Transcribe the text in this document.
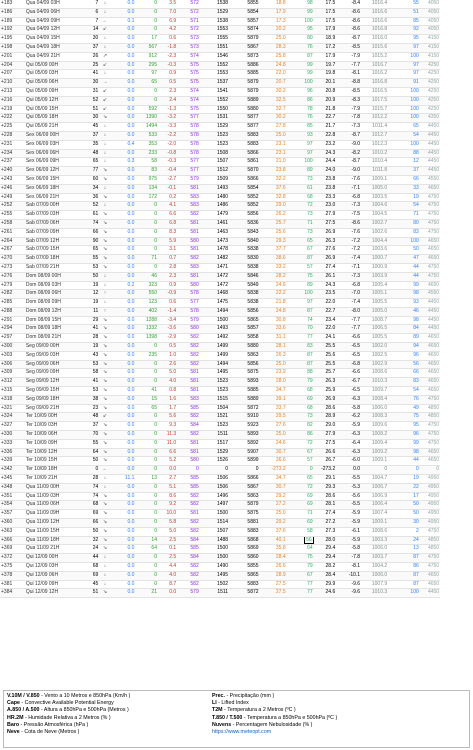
+183	Qua 04/09 03H	7	↓	0.0	0	3.5	572	1538	5855	18.8	98	17.5	-8.4	1016.4	55	4050
+186	Qua 04/09 06H	6	↓	0.0	0	7.0	572	1529	5854	17.9	99	17.5	-8.6	1016.6	51	4050
+189	Qua 04/09 09H	7	←	0.1	0	6.9	571	1538	5857	17.3	100	17.5	-8.6	1016.6	85	4050
+192	Qua 04/09 12H	14	↙	0.0	0	4.2	572	1553	5874	20.2	95	17.9	-8.6	1016.8	92	4050
+195	Qua 04/09 15H	30	↓	0.0	17	0.6	573	1555	5879	25.0	80	18.9	-8.7	1016.0	95	4150
+198	Qua 04/09 18H	37	↓	0.0	567	-1.8	573	1551	5867	28.3	76	17.2	-8.5	1015.6	97	4150
+201	Qua 04/09 21H	26	↗	0.0	912	-2.3	574	1546	5873	25.8	87	17.9	-7.9	1015.2	100	4150
+204	Qui 05/09 00H	25	↙	0.0	295	-0.3	575	1552	5886	24.8	99	19.7	-7.7	1016.7	97	4250
+207	Qui 05/09 03H	41	↓	0.0	97	0.9	575	1553	5885	22.0	99	19.8	-8.1	1016.2	97	4250
+210	Qui 05/09 06H	30	→	0.0	65	0.5	575	1537	5879	20.7	100	20.1	-8.8	1016.8	91	4250
+213	Qui 05/09 09H	31	↙	0.0	0	2.3	574	1541	5879	30.2	96	20.8	-8.5	1016.5	100	4250
+216	Qui 05/09 12H	52	↙	0.0	0	2.4	574	1552	5889	32.5	86	20.9	-8.3	1017.5	100	4250
+219	Qui 05/09 15H	51	↙	0.0	592	-1.3	575	1550	5880	32.7	78	21.8	-7.9	1015.7	100	4250
+222	Qui 05/09 18H	30	↘	0.0	1390	-3.2	577	1531	5877	30.2	76	22.7	-7.8	1012.2	100	4350
+225	Qui 05/09 21H	45	↓	0.0	1494	-3.3	578	1529	5877	27.8	85	21.7	-7.3	1011.4	65	4450
+228	Sex 06/09 00H	37	↓	0.0	533	-2.2	578	1523	5883	25.0	93	22.8	-8.7	1012.7	54	4450
+231	Sex 06/09 03H	35	↓	0.4	353	-2.0	578	1523	5883	23.1	97	23.2	-9.0	1012.3	100	4450
+234	Sex 06/09 06H	48	↓	0.0	233	-0.8	578	1508	5866	23.1	97	24.3	-8.2	1010.2	88	4450
+237	Sex 06/09 09H	65	↓	0.3	58	-0.3	577	1507	5861	21.0	100	24.4	-8.7	1010.4	12	4450
+240	Sex 06/09 12H	77	↘	0.0	83	-0.4	577	1512	5870	23.8	89	24.0	-9.0	1011.8	37	4450
+243	Sex 06/09 15H	60	↘	0.0	975	-2.7	579	1509	5866	32.2	73	23.8	-7.6	1009.1	66	4550
+246	Sex 06/09 18H	34	↓	0.0	134	-0.1	581	1493	5854	37.6	61	23.8	-7.1	1005.0	33	4650
+249	Sex 06/09 21H	36	↘	0.0	172	0.2	583	1480	5852	32.8	68	23.3	-6.8	1003.5	19	4750
+252	Sab 07/09 00H	52	↓	0.0	0	4.1	583	1486	5852	29.0	72	23.0	-7.3	1004.6	54	4750
+255	Sab 07/09 03H	61	↘	0.0	0	6.6	582	1479	5856	26.2	73	27.9	-7.5	1004.5	71	4750
+258	Sab 07/09 06H	74	↘	0.0	0	6.8	581	1461	5836	25.7	71	27.5	-8.6	1002.7	80	4750
+261	Sab 07/09 09H	66	↘	0.0	0	8.3	581	1463	5843	25.6	73	26.9	-7.6	1002.6	83	4750
+264	Sab 07/09 12H	90	↘	0.0	0	5.9	580	1473	5840	29.3	65	26.3	-7.2	1004.4	100	4650
+267	Sab 07/09 15H	65	↘	0.0	0	3.1	581	1478	5838	37.7	67	27.6	-7.2	1003.6	50	4650
+270	Sab 07/09 18H	55	↘	0.0	71	0.7	582	1482	5830	38.6	87	26.9	-7.4	1000.7	47	4650
+273	Sab 07/09 21H	53	↘	0.0	0	2.8	583	1471	5838	33.2	57	27.4	-7.1	1000.9	44	4750
+276	Dom 08/09 00H	50	↓	0.0	46	2.3	581	1472	5846	28.2	75	26.1	-7.3	1003.9	44	4750
+279	Dom 08/09 03H	19	↓	0.2	323	0.9	580	1472	5849	24.6	89	24.3	-6.8	1005.4	99	4650
+282	Dom 08/09 06H	12	↑	0.0	550	-0.9	578	1468	5838	22.2	100	23.5	-7.0	1005.1	98	4550
+285	Dom 08/09 09H	19	↓	0.0	123	0.6	577	1475	5838	21.8	97	22.0	-7.4	1005.5	93	4450
+288	Dom 08/09 12H	11	↑	0.0	402	-1.4	578	1494	5856	24.8	87	22.7	-8.0	1005.0	46	4450
+291	Dom 08/09 15H	29	↘	0.0	1288	-3.4	579	1500	5865	30.8	74	23.4	-7.7	1008.7	98	4450
+294	Dom 08/09 18H	41	↘	0.0	1332	-3.6	580	1493	5857	33.6	70	22.0	-7.7	1006.5	84	4450
+297	Dom 08/09 21H	28	↘	0.0	1398	-2.9	582	1492	5858	31.1	77	24.1	-6.6	1005.5	89	4650
+300	Seg 09/09 00H	19	↘	0.0	0	0.5	582	1499	5880	28.1	83	25.5	-6.5	1002.0	94	4650
+303	Seg 09/09 03H	43	↘	0.0	235	1.0	582	1499	5863	26.3	87	25.6	-6.5	1002.5	96	4650
+306	Seg 09/09 06H	53	↘	0.0	0	2.6	582	1494	5856	25.0	87	25.5	-6.8	1002.9	56	4650
+309	Seg 09/09 09H	58	↘	0.0	0	5.0	581	1495	5875	23.9	88	25.7	-6.6	1008.6	66	4650
+312	Seg 09/09 12H	41	↘	0.0	0	4.0	581	1523	5893	28.0	79	26.3	-6.7	1010.3	83	4650
+315	Seg 09/09 15H	53	↘	0.0	41	0.8	581	1523	5885	34.7	68	25.9	-6.5	1009.7	54	4650
+318	Seg 09/09 18H	38	↘	0.0	15	1.6	583	1515	5889	39.1	69	26.9	-6.3	1008.4	76	4750
+321	Seg 09/09 21H	23	↘	0.0	65	1.7	585	1504	5872	33.7	68	28.6	-5.8	1006.0	49	4850
+324	Ter 10/09 00H	48	↙	0.0	0	5.6	582	1521	5910	29.5	73	28.9	-6.2	1008.3	75	4850
+327	Ter 10/09 03H	37	↘	0.0	0	9.3	584	1523	5923	27.6	82	29.0	-5.9	1009.6	95	4750
+330	Ter 10/09 06H	70	↘	0.0	0	11.3	582	1511	5893	25.0	86	27.9	-6.3	1008.2	96	4750
+333	Ter 10/09 09H	55	↘	0.0	0	11.0	581	1517	5892	24.6	72	27.5	-6.4	1009.4	99	4750
+336	Ter 10/09 12H	64	↘	0.0	0	6.6	581	1529	5907	30.7	67	26.6	-6.3	1009.2	98	4650
+339	Ter 10/09 15H	50	↘	0.0	0	5.2	580	1526	5899	36.6	57	26.7	-6.0	1009.1	44	4650
+342	Ter 10/09 18H	0	←	0.0	0	0.0	0	0	0	-273.2	0	-273.2	0.0	0	0	0
+345	Ter 10/09 21H	28	↓	11.1	13	2.7	585	1506	5866	34.7	65	29.1	-5.5	1004.7	19	4950
+348	Qua 11/09 00H	74	↓	0.0	0	5.1	585	1506	5867	30.7	72	29.3	-5.3	1006.7	22	4950
+351	Qua 11/09 03H	74	↘	0.0	0	8.6	582	1496	5863	29.2	69	28.6	-5.6	1006.9	17	4950
+354	Qua 11/09 06H	68	↘	0.0	0	9.2	582	1497	5879	27.2	69	28.1	-5.5	1006.4	50	4950
+357	Qua 11/09 09H	69	↘	0.0	0	10.0	581	1500	5875	25.0	71	27.4	-5.9	1007.4	50	4950
+360	Qua 11/09 12H	66	↘	0.0	0	5.8	582	1514	5881	29.2	69	27.2	-5.9	1009.1	30	4950
+363	Qua 11/09 15H	50	↘	0.0	0	5.0	582	1507	5883	37.6	58	27.3	-6.1	1008.6	2	4750
+366	Qua 11/09 18H	32	↘	0.0	14	2.5	584	1488	5868	40.1	56	28.0	-5.9	1003.3	24	4850
+369	Qua 11/09 21H	24	↘	0.0	64	0.1	585	1500	5869	35.8	64	29.4	-5.8	1006.0	13	4850
+372	Qui 12/09 00H	44	↓	0.0	0	2.5	584	1500	5860	28.4	75	29.4	-7.8	1003.7	87	4750
+375	Qui 12/09 03H	68	↓	0.0	0	4.4	582	1490	5855	26.6	79	28.2	-8.1	1004.2	86	4750
+378	Qui 12/09 06H	69	↓	0.0	0	4.0	582	1495	5865	28.9	67	28.4	-10.1	1006.0	87	4650
+381	Qui 12/09 09H	45	↓	0.0	0	8.7	582	1502	5883	27.5	77	29.9	-9.6	1007.9	87	4650
+384	Qui 12/09 12H	51	↘	0.0	21	0.0	579	1511	5872	27.5	77	24.6	-9.6	1010.3	100	4450
V.10M / V.850 - Vento a 10 Metros e 850hPa (Km/h )
Cape - Convective Available Potential Energy
A.850 / A.500 - Altura a 850hPa e 500hPa (Metros )
HR.2M - Humidade Relativa a 2 Metros (% )
Baro - Pressão Atmosférica (hPa )
Neve - Cota de Neve (Metros )
Prec. - Precipitação (mm )
LI - Lifted Index
T2M - Temperatura a 2 Metros (ºC )
T.850 / T.500 - Temperatura a 850hPa e 500hPa (ºC )
Nuvens - Percentagem Nebulosidade (% )
https://www.meteopt.com
